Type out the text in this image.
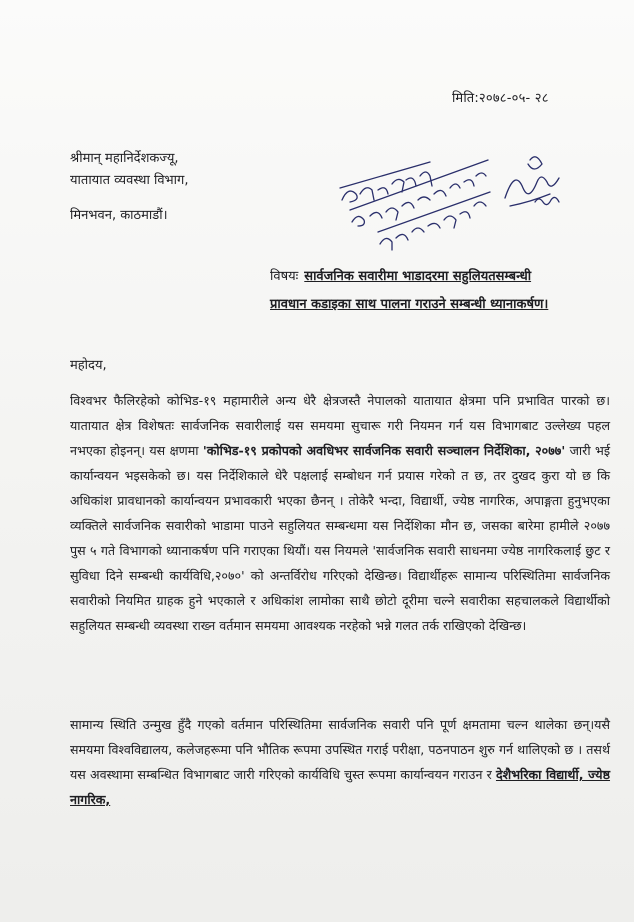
मिति:२०७८-०५- २८
श्रीमान् महानिर्देशकज्यू,
यातायात व्यवस्था विभाग,
मिनभवन, काठमाडौं।
विषयः सार्वजनिक सवारीमा भाडादरमा सहुलियतसम्बन्धी
प्रावधान कडाइका साथ पालना गराउने सम्बन्धी ध्यानाकर्षण।
महोदय,
विश्वभर फैलिरहेको कोभिड-१९ महामारीले अन्य धेरै क्षेत्रजस्तै नेपालको यातायात क्षेत्रमा पनि प्रभावित पारको छ। यातायात क्षेत्र विशेषतः सार्वजनिक सवारीलाई यस समयमा सुचारू गरी नियमन गर्न यस विभागबाट उल्लेख्य पहल नभएका होइनन्। यस क्षणमा 'कोभिड-१९ प्रकोपको अवधिभर सार्वजनिक सवारी सञ्चालन निर्देशिका, २०७७' जारी भई कार्यान्वयन भइसकेको छ। यस निर्देशिकाले धेरै पक्षलाई सम्बोधन गर्न प्रयास गरेको त छ, तर दुखद कुरा यो छ कि अधिकांश प्रावधानको कार्यान्वयन प्रभावकारी भएका छैनन् । तोकेरै भन्दा, विद्यार्थी, ज्येष्ठ नागरिक, अपाङ्गता हुनुभएका व्यक्तिले सार्वजनिक सवारीको भाडामा पाउने सहुलियत सम्बन्धमा यस निर्देशिका मौन छ, जसका बारेमा हामीले २०७७ पुस ५ गते विभागको ध्यानाकर्षण पनि गराएका थियौं। यस नियमले 'सार्वजनिक सवारी साधनमा ज्येष्ठ नागरिकलाई छुट र सुविधा दिने सम्बन्धी कार्यविधि,२०७०' को अन्तर्विरोध गरिएको देखिन्छ। विद्यार्थीहरू सामान्य परिस्थितिमा सार्वजनिक सवारीको नियमित ग्राहक हुने भएकाले र अधिकांश लामोका साथै छोटो दूरीमा चल्ने सवारीका सहचालकले विद्यार्थीको सहुलियत सम्बन्धी व्यवस्था राख्न वर्तमान समयमा आवश्यक नरहेको भन्ने गलत तर्क राखिएको देखिन्छ।
सामान्य स्थिति उन्मुख हुँदै गएको वर्तमान परिस्थितिमा सार्वजनिक सवारी पनि पूर्ण क्षमतामा चल्न थालेका छन्।यसै समयमा विश्वविद्यालय, कलेजहरूमा पनि भौतिक रूपमा उपस्थित गराई परीक्षा, पठनपाठन शुरु गर्न थालिएको छ । तसर्थ यस अवस्थामा सम्बन्धित विभागबाट जारी गरिएको कार्यविधि चुस्त रूपमा कार्यान्वयन गराउन र देशैभरिका विद्यार्थी, ज्येष्ठ नागरिक,
